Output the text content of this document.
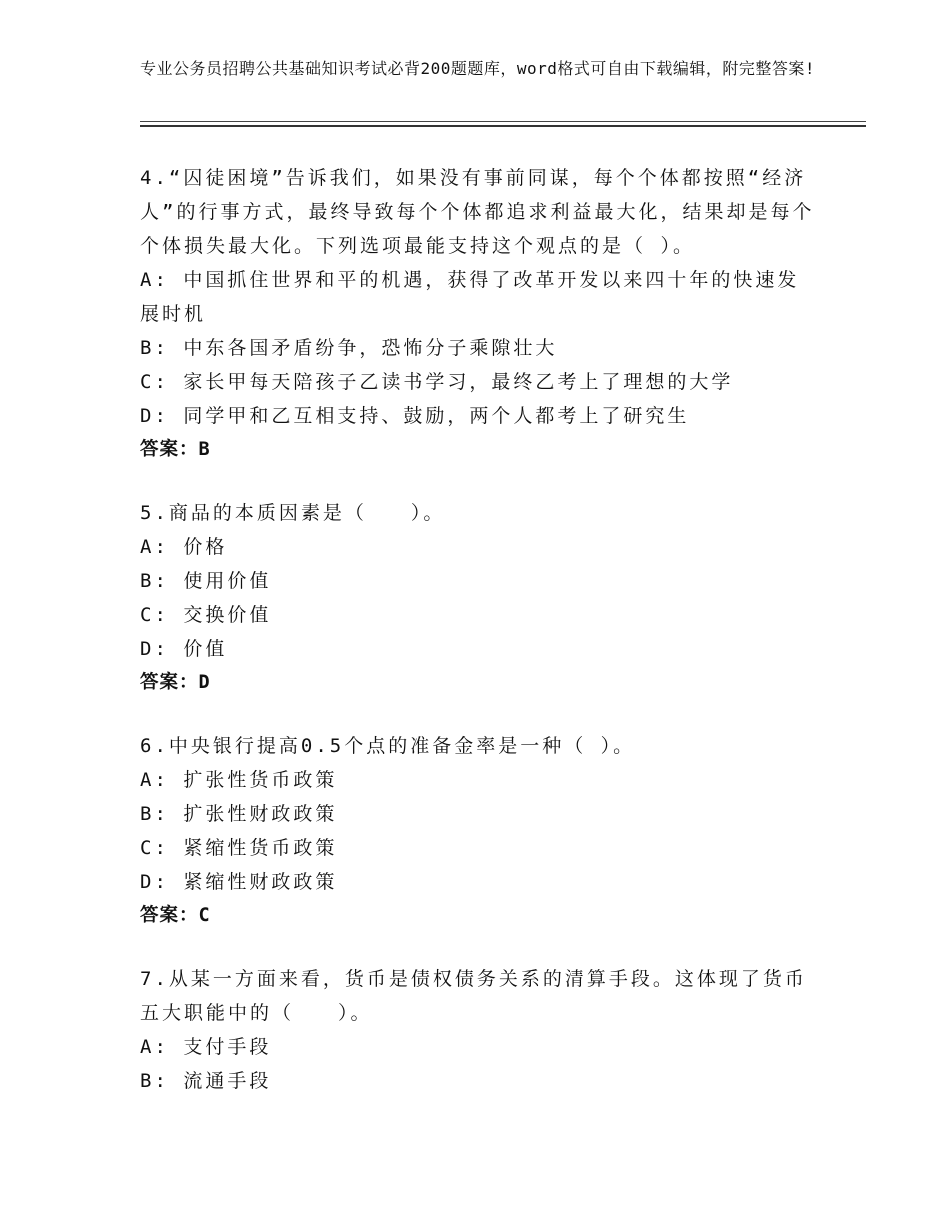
专业公务员招聘公共基础知识考试必背200题题库，word格式可自由下载编辑，附完整答案!

4.“囚徒困境”告诉我们，如果没有事前同谋，每个个体都按照“经济人”的行事方式，最终导致每个个体都追求利益最大化，结果却是每个个体损失最大化。下列选项最能支持这个观点的是（ ）。

A: 中国抓住世界和平的机遇，获得了改革开发以来四十年的快速发展时机

B: 中东各国矛盾纷争，恐怖分子乘隙壮大

C: 家长甲每天陪孩子乙读书学习，最终乙考上了理想的大学

D: 同学甲和乙互相支持、鼓励，两个人都考上了研究生

答案：B

5.商品的本质因素是（　　）。

A: 价格

B: 使用价值

C: 交换价值

D: 价值

答案：D

6.中央银行提高0.5个点的准备金率是一种（ ）。

A: 扩张性货币政策

B: 扩张性财政政策

C: 紧缩性货币政策

D: 紧缩性财政政策

答案：C

7.从某一方面来看，货币是债权债务关系的清算手段。这体现了货币五大职能中的（　　）。

A: 支付手段

B: 流通手段
